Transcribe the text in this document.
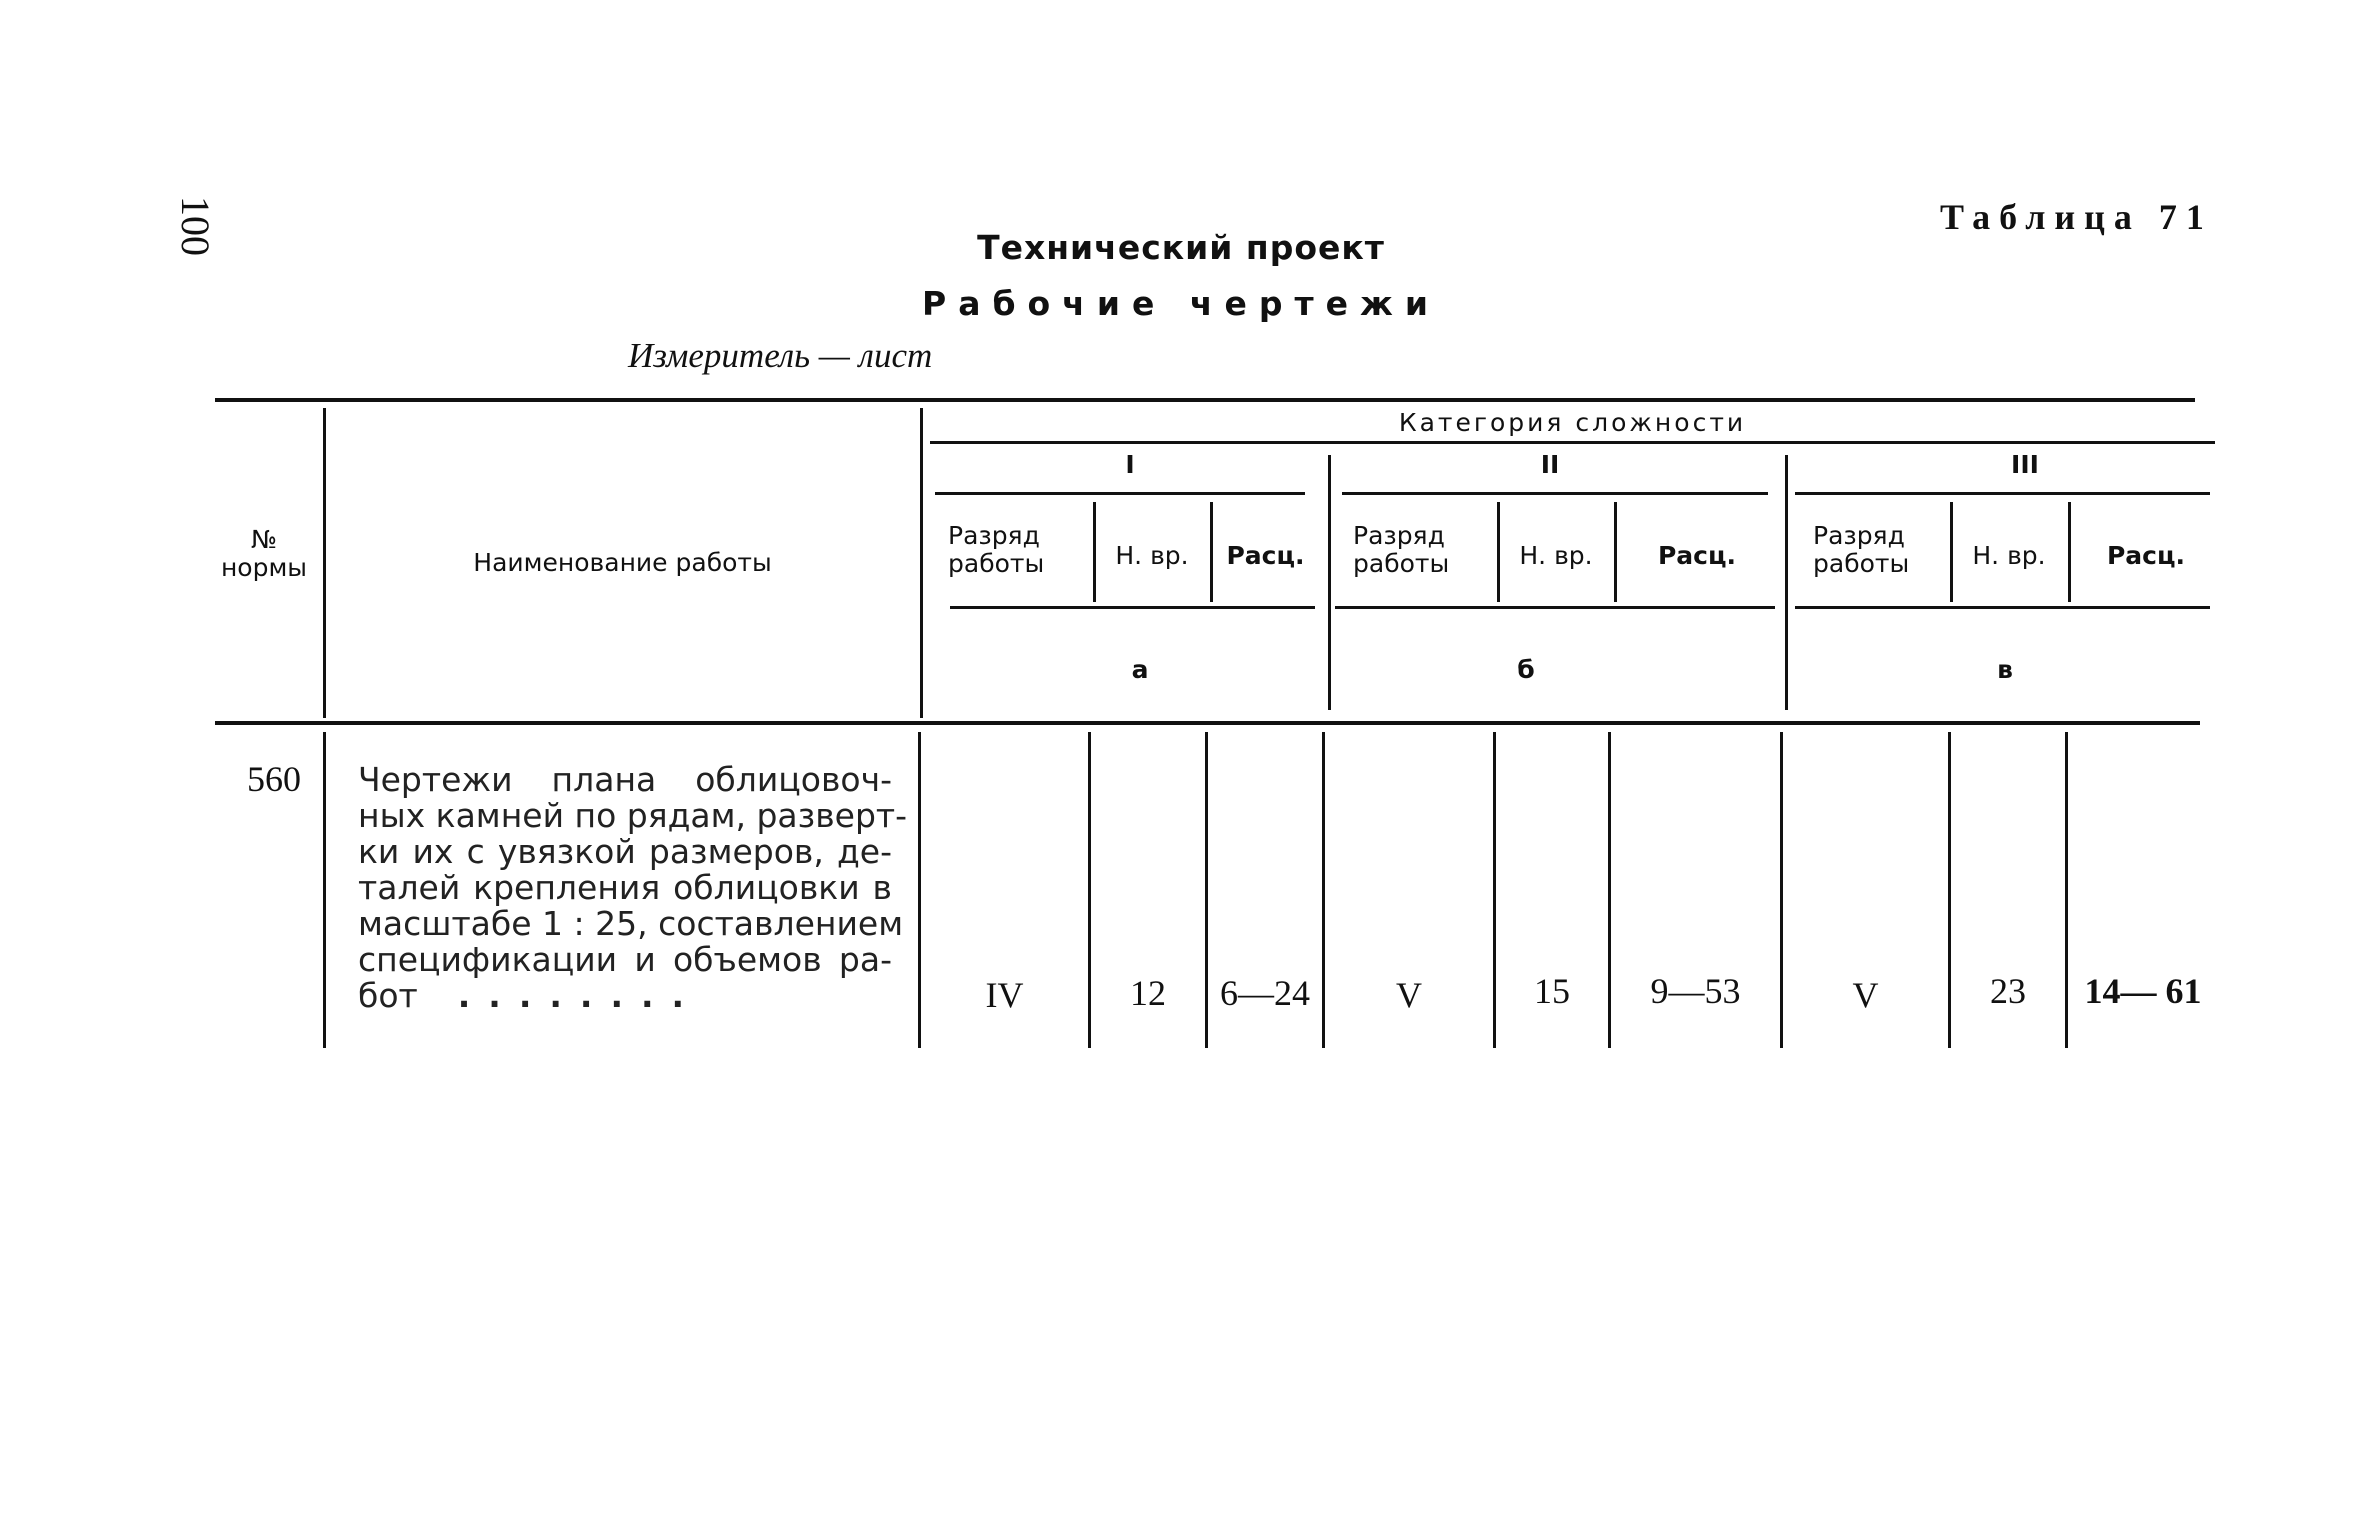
100	Таблица 71
Технический проект
Рабочие чертежи
Измеритель — лист
№
нормы	Наименование работы
Категория сложности
I	II	III
Разряд
работы	Н. вр.	Расц.
Разряд
работы	Н. вр.	Расц.
Разряд
работы	Н. вр.	Расц.
а	б	в
560	Чертежи плана облицовоч-
ных камней по рядам, разверт-
ки их с увязкой размеров, де-
талей крепления облицовки в
масштабе 1 : 25, составлением
спецификации и объемов ра-
бот ........	IV	12	6—24	V	15	9—53	V	23	14— 61
